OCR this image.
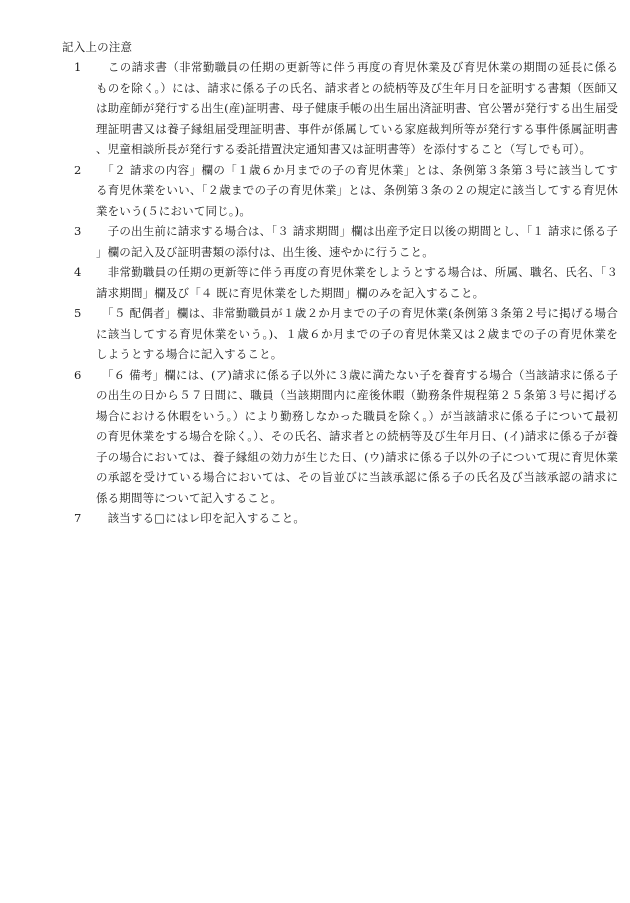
記入上の注意
1	　この請求書（非常勤職員の任期の更新等に伴う再度の育児休業及び育児休業の期間の延長に係るものを除く。）には、請求に係る子の氏名、請求者との続柄等及び生年月日を証明する書類（医師又は助産師が発行する出生(産)証明書、母子健康手帳の出生届出済証明書、官公署が発行する出生届受理証明書又は養子縁組届受理証明書、事件が係属している家庭裁判所等が発行する事件係属証明書、児童相談所長が発行する委託措置決定通知書又は証明書等）を添付すること（写しでも可）。
2	　「２ 請求の内容」欄の「１歳６か月までの子の育児休業」とは、条例第３条第３号に該当してする育児休業をいい、「２歳までの子の育児休業」とは、条例第３条の２の規定に該当してする育児休業をいう(５において同じ。)。
3	　子の出生前に請求する場合は、「３ 請求期間」欄は出産予定日以後の期間とし、「１ 請求に係る子」欄の記入及び証明書類の添付は、出生後、速やかに行うこと。
4	　非常勤職員の任期の更新等に伴う再度の育児休業をしようとする場合は、所属、職名、氏名、「３ 請求期間」欄及び「４ 既に育児休業をした期間」欄のみを記入すること。
5	　「５ 配偶者」欄は、非常勤職員が１歳２か月までの子の育児休業(条例第３条第２号に掲げる場合に該当してする育児休業をいう。)、１歳６か月までの子の育児休業又は２歳までの子の育児休業をしようとする場合に記入すること。
6	　「６ 備考」欄には、(ア)請求に係る子以外に３歳に満たない子を養育する場合（当該請求に係る子の出生の日から５７日間に、職員（当該期間内に産後休暇（勤務条件規程第２５条第３号に掲げる場合における休暇をいう。）により勤務しなかった職員を除く。）が当該請求に係る子について最初の育児休業をする場合を除く。）、その氏名、請求者との続柄等及び生年月日、(イ)請求に係る子が養子の場合においては、養子縁組の効力が生じた日、(ウ)請求に係る子以外の子について現に育児休業の承認を受けている場合においては、その旨並びに当該承認に係る子の氏名及び当該承認の請求に係る期間等について記入すること。
7	　該当する□にはレ印を記入すること。
